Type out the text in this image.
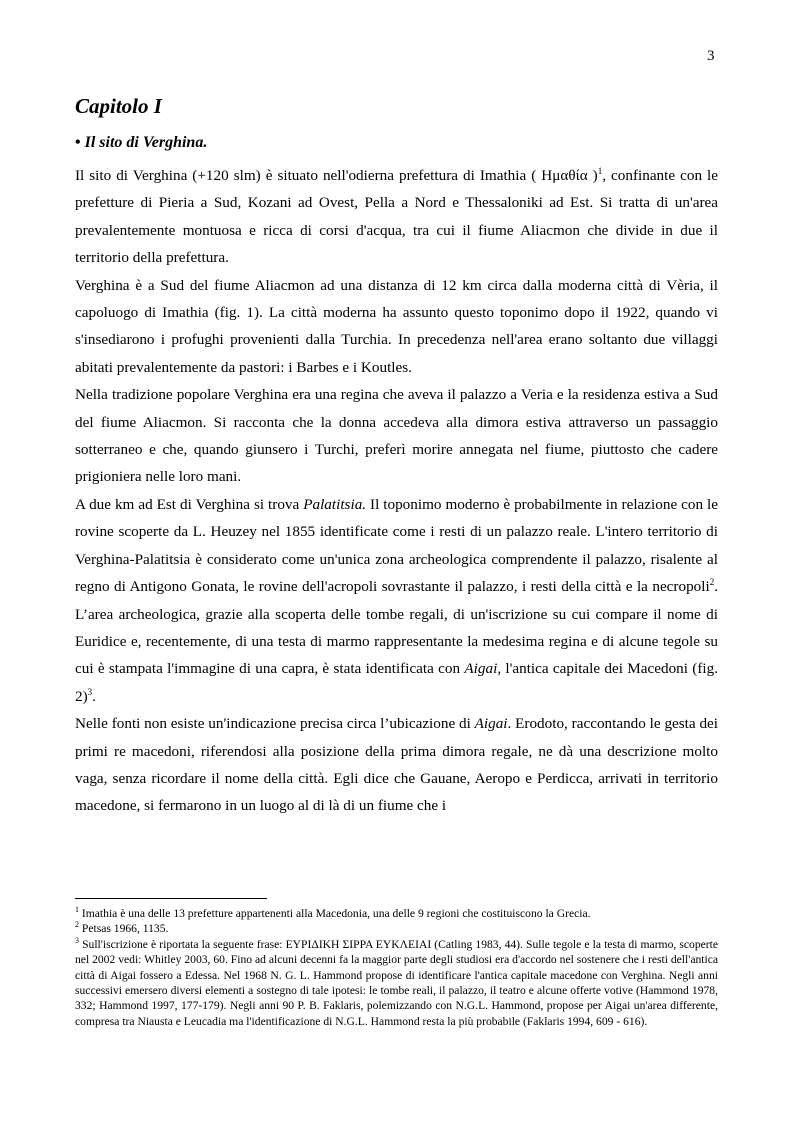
3
Capitolo I
• Il sito di Verghina.

Il sito di Verghina (+120 slm) è situato nell'odierna prefettura di Imathia ( Ημαθία )$^1$, confinante con le prefetture di Pieria a Sud, Kozani ad Ovest, Pella a Nord e Thessaloniki ad Est. Si tratta di un'area prevalentemente montuosa e ricca di corsi d'acqua, tra cui il fiume Aliacmon che divide in due il territorio della prefettura.

Verghina è a Sud del fiume Aliacmon ad una distanza di 12 km circa dalla moderna città di Vèria, il capoluogo di Imathia (fig. 1). La città moderna ha assunto questo toponimo dopo il 1922, quando vi s'insediarono i profughi provenienti dalla Turchia. In precedenza nell'area erano soltanto due villaggi abitati prevalentemente da pastori: i Barbes e i Koutles.

Nella tradizione popolare Verghina era una regina che aveva il palazzo a Veria e la residenza estiva a Sud del fiume Aliacmon. Si racconta che la donna accedeva alla dimora estiva attraverso un passaggio sotterraneo e che, quando giunsero i Turchi, preferì morire annegata nel fiume, piuttosto che cadere prigioniera nelle loro mani.

A due km ad Est di Verghina si trova Palatitsia. Il toponimo moderno è probabilmente in relazione con le rovine scoperte da L. Heuzey nel 1855 identificate come i resti di un palazzo reale. L'intero territorio di Verghina-Palatitsia è considerato come un'unica zona archeologica comprendente il palazzo, risalente al regno di Antigono Gonata, le rovine dell'acropoli sovrastante il palazzo, i resti della città e la necropoli$^2$. L’area archeologica, grazie alla scoperta delle tombe regali, di un'iscrizione su cui compare il nome di Euridice e, recentemente, di una testa di marmo rappresentante la medesima regina e di alcune tegole su cui è stampata l'immagine di una capra, è stata identificata con Aigai, l'antica capitale dei Macedoni (fig. 2)$^3$.

Nelle fonti non esiste un'indicazione precisa circa l’ubicazione di Aigai. Erodoto, raccontando le gesta dei primi re macedoni, riferendosi alla posizione della prima dimora regale, ne dà una descrizione molto vaga, senza ricordare il nome della città. Egli dice che Gauane, Aeropo e Perdicca, arrivati in territorio macedone, si fermarono in un luogo al di là di un fiume che i

$^1$ Imathia è una delle 13 prefetture appartenenti alla Macedonia, una delle 9 regioni che costituiscono la Grecia.

$^2$ Petsas 1966, 1135.

$^3$ Sull'iscrizione è riportata la seguente frase: ΕΥΡΙΔΙΚΗ ΣΙΡΡΑ ΕΥΚΛΕΙΑΙ (Catling 1983, 44). Sulle tegole e la testa di marmo, scoperte nel 2002 vedi: Whitley 2003, 60. Fino ad alcuni decenni fa la maggior parte degli studiosi era d'accordo nel sostenere che i resti dell'antica città di Aigai fossero a Edessa. Nel 1968 N. G. L. Hammond propose di identificare l'antica capitale macedone con Verghina. Negli anni successivi emersero diversi elementi a sostegno di tale ipotesi: le tombe reali, il palazzo, il teatro e alcune offerte votive (Hammond 1978, 332; Hammond 1997, 177-179). Negli anni 90 P. B. Faklaris, polemizzando con N.G.L. Hammond, propose per Aigai un'area differente, compresa tra Niausta e Leucadia ma l'identificazione di N.G.L. Hammond resta la più probabile (Faklaris 1994, 609 - 616).
